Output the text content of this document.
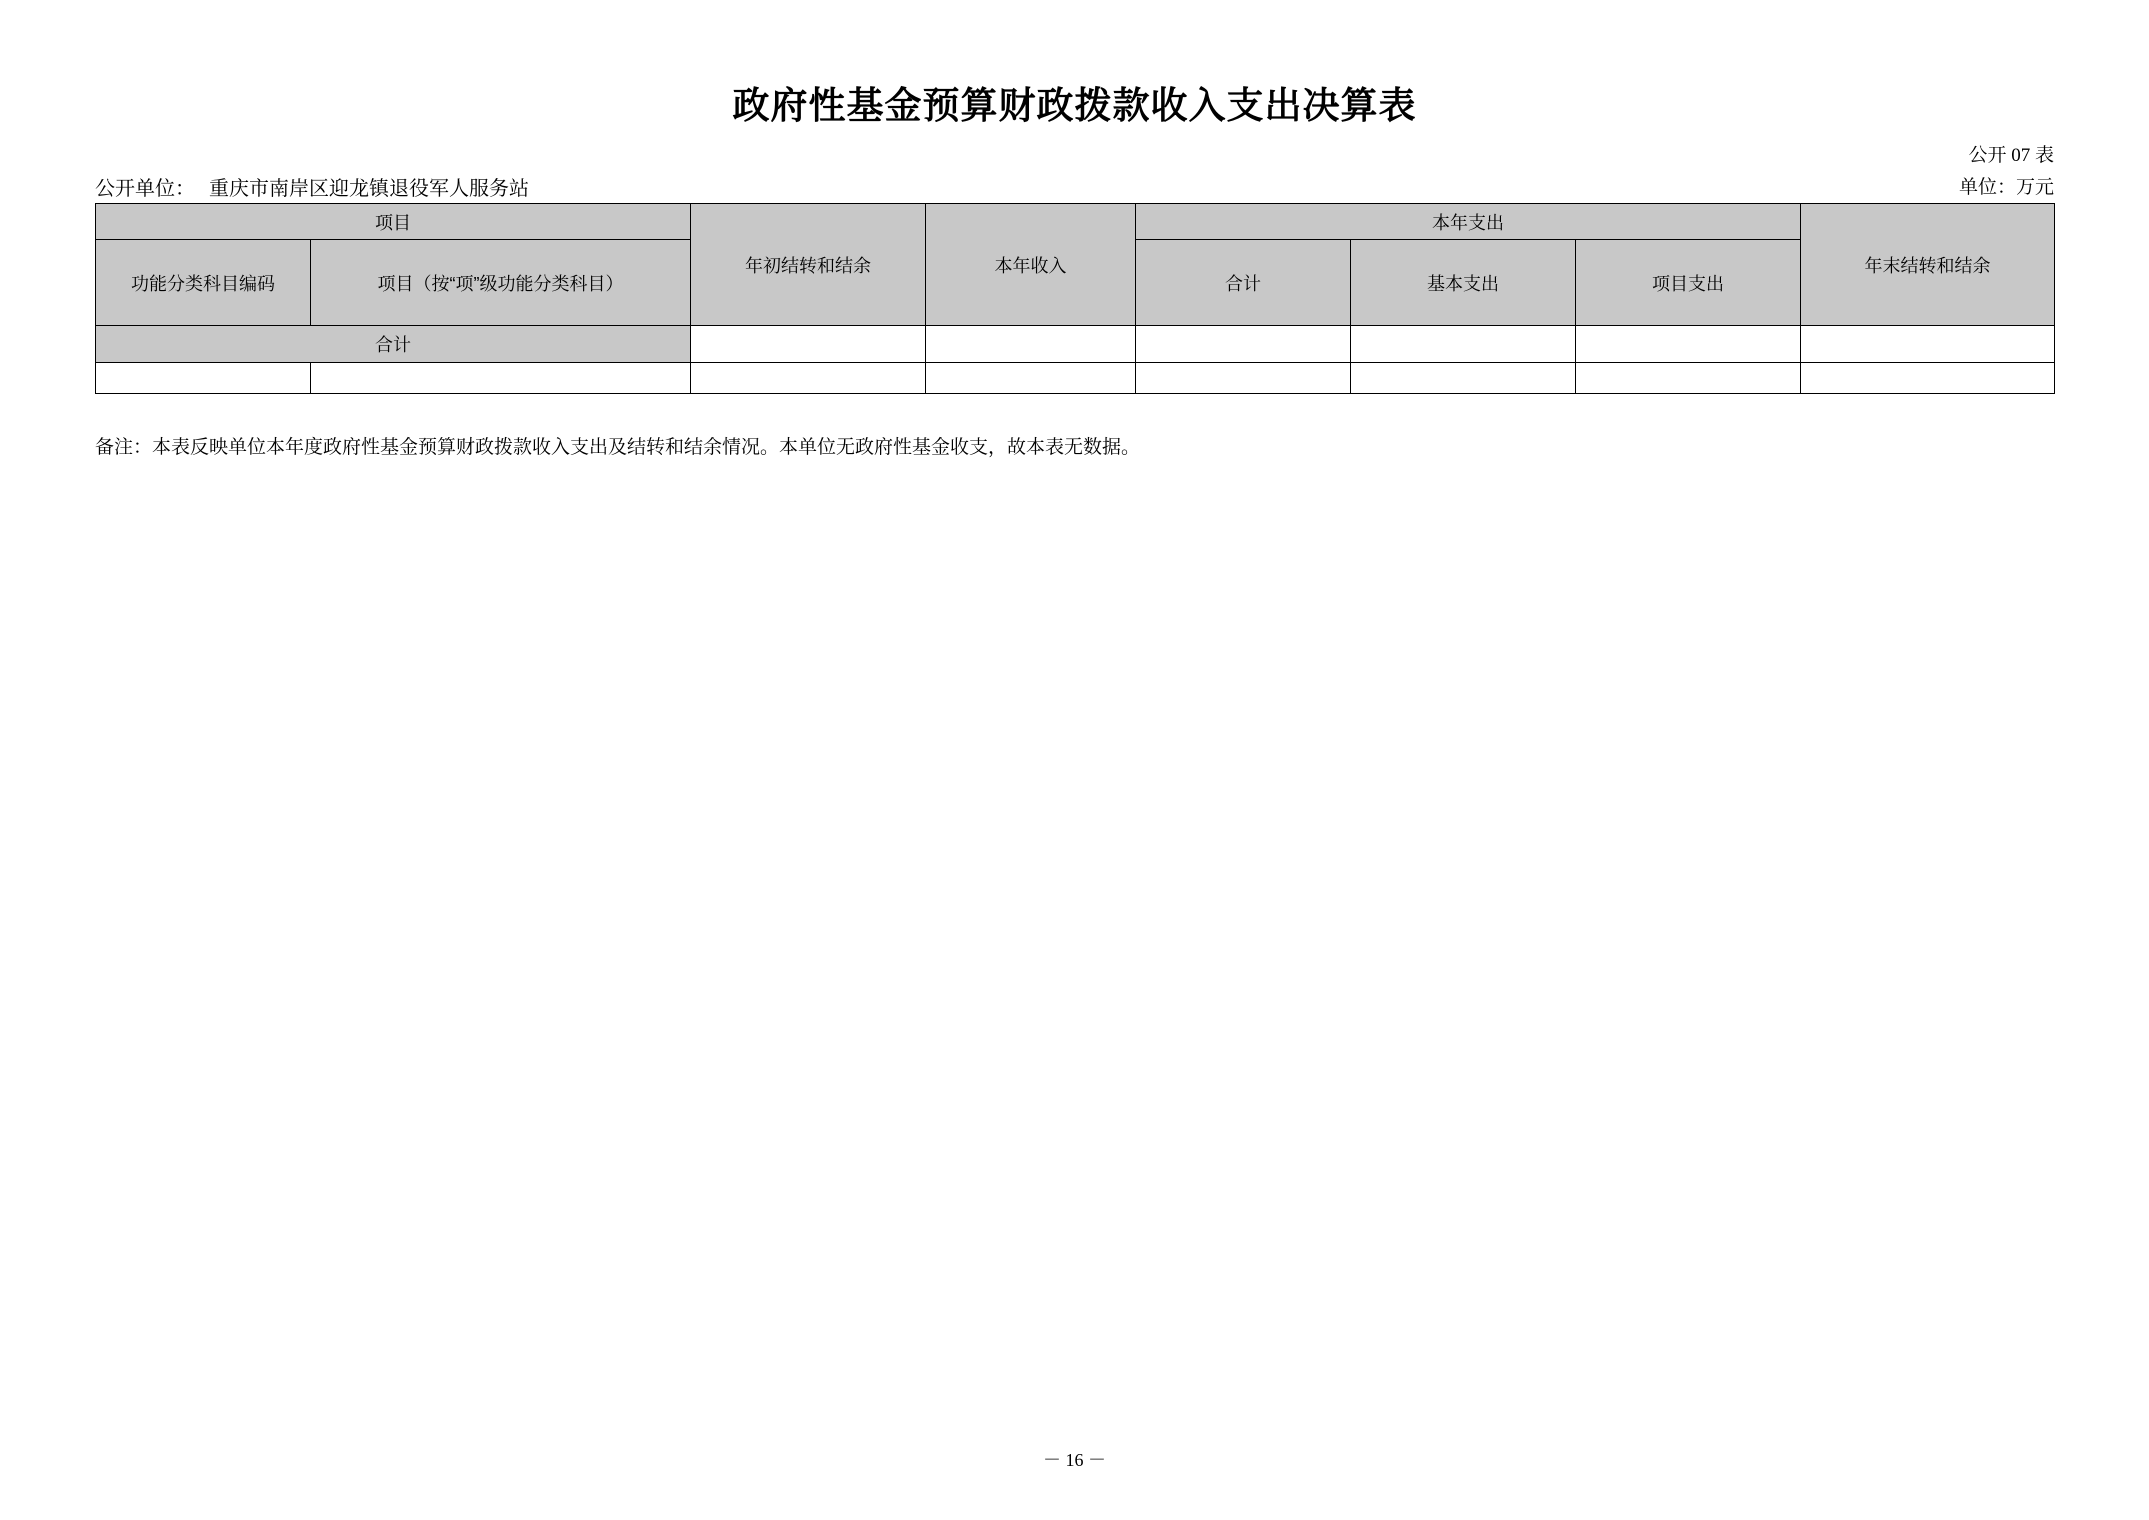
政府性基金预算财政拨款收入支出决算表
公开 07 表
公开单位： 重庆市南岸区迎龙镇退役军人服务站	单位：万元
项目		年初结转和结余	本年收入	本年支出			年末结转和结余
功能分类科目编码	项目（按“项”级功能分类科目）			合计	基本支出	项目支出	
合计							

备注：本表反映单位本年度政府性基金预算财政拨款收入支出及结转和结余情况。本单位无政府性基金收支，故本表无数据。
－ 16 －
